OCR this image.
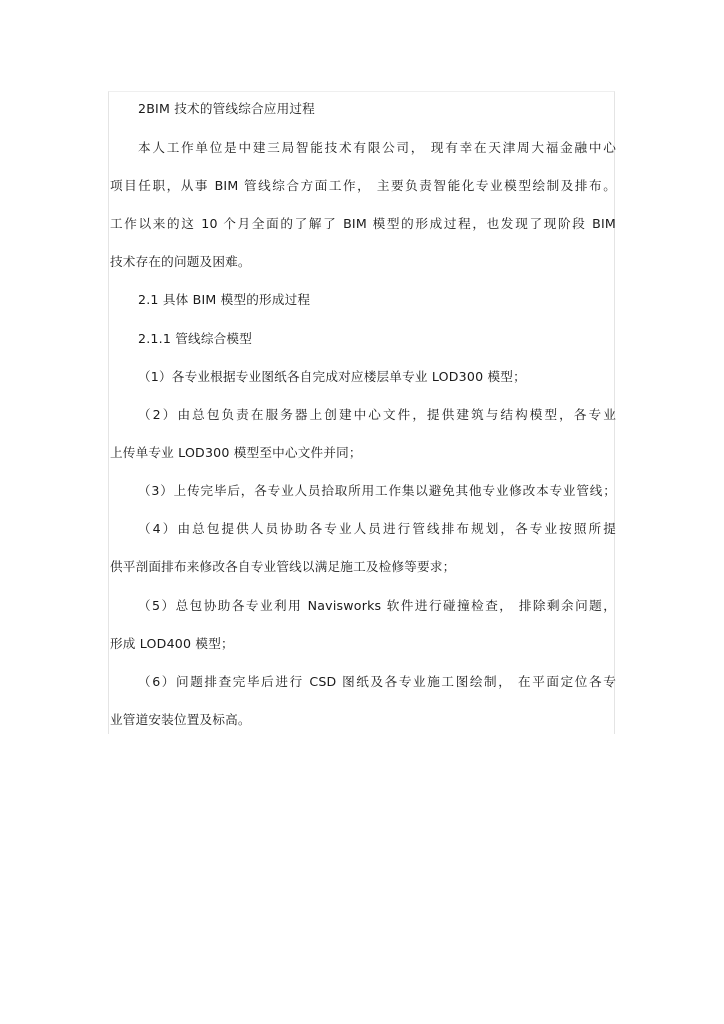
2BIM 技术的管线综合应用过程
本人工作单位是中建三局智能技术有限公司， 现有幸在天津周大福金融中心
项目任职，从事 BIM 管线综合方面工作， 主要负责智能化专业模型绘制及排布。
工作以来的这 10 个月全面的了解了 BIM 模型的形成过程，也发现了现阶段 BIM
技术存在的问题及困难。
2.1 具体 BIM 模型的形成过程
2.1.1 管线综合模型
（1）各专业根据专业图纸各自完成对应楼层单专业 LOD300 模型；
（2）由总包负责在服务器上创建中心文件，提供建筑与结构模型，各专业
上传单专业 LOD300 模型至中心文件并同；
（3）上传完毕后，各专业人员拾取所用工作集以避免其他专业修改本专业管线；
（4）由总包提供人员协助各专业人员进行管线排布规划，各专业按照所提
供平剖面排布来修改各自专业管线以满足施工及检修等要求；
（5）总包协助各专业利用 Navisworks 软件进行碰撞检查， 排除剩余问题，
形成 LOD400 模型；
（6）问题排查完毕后进行 CSD 图纸及各专业施工图绘制， 在平面定位各专
业管道安装位置及标高。
